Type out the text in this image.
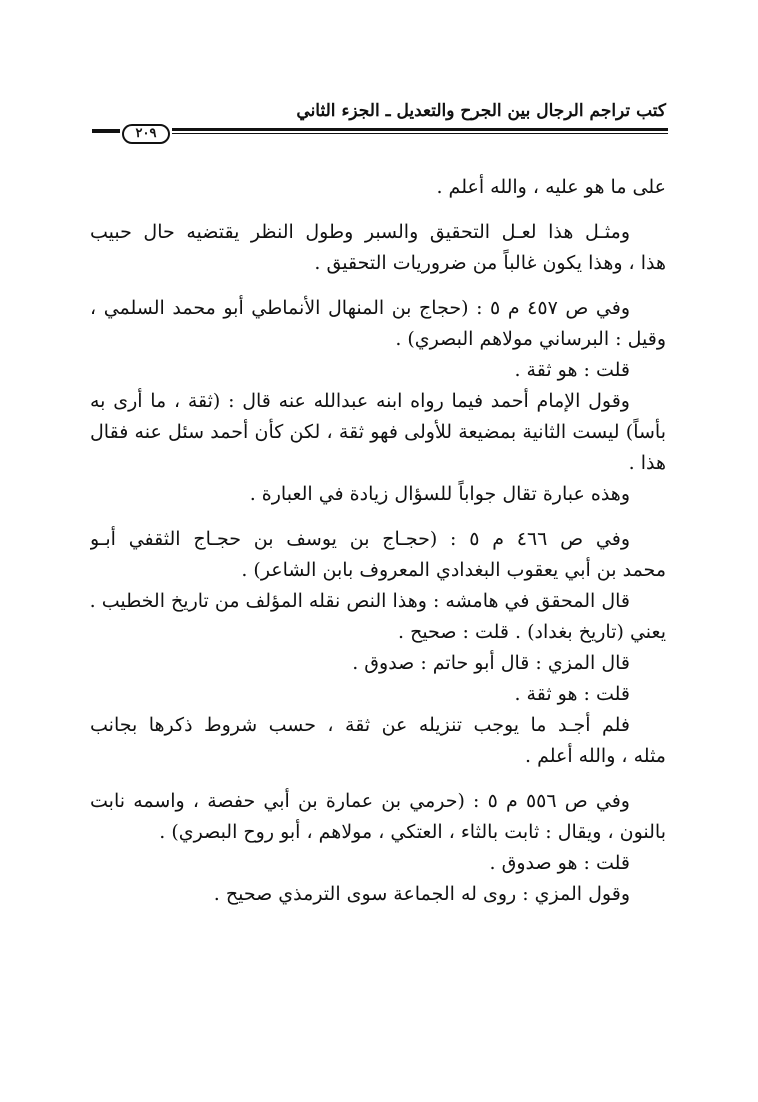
كتب تراجم الرجال بين الجرح والتعديل ـ الجزء الثاني
٢٠٩
على ما هو عليه ، والله أعلم .
ومثـل هذا لعـل التحقيق والسبر وطول النظر يقتضيه حال حبيب
هذا ، وهذا يكون غالباً من ضروريات التحقيق .
وفي ص ٤٥٧ م ٥ : (حجاج بن المنهال الأنماطي أبو محمد السلمي ،
وقيل : البرساني مولاهم البصري) .
قلت : هو ثقة .
وقول الإمام أحمد فيما رواه ابنه عبدالله عنه قال : (ثقة ، ما أرى به
بأساً) ليست الثانية بمضيعة للأولى فهو ثقة ، لكن كأن أحمد سئل عنه فقال
هذا .
وهذه عبارة تقال جواباً للسؤال زيادة في العبارة .
وفي ص ٤٦٦ م ٥ : (حجـاج بن يوسف بن حجـاج الثقفي أبـو
محمد بن أبي يعقوب البغدادي المعروف بابن الشاعر) .
قال المحقق في هامشه : وهذا النص نقله المؤلف من تاريخ الخطيب .
يعني (تاريخ بغداد) . قلت : صحيح .
قال المزي : قال أبو حاتم : صدوق .
قلت : هو ثقة .
فلم أجـد ما يوجب تنزيله عن ثقة ، حسب شروط ذكرها بجانب
مثله ، والله أعلم .
وفي ص ٥٥٦ م ٥ : (حرمي بن عمارة بن أبي حفصة ، واسمه نابت
بالنون ، ويقال : ثابت بالثاء ، العتكي ، مولاهم ، أبو روح البصري) .
قلت : هو صدوق .
وقول المزي : روى له الجماعة سوى الترمذي صحيح .
